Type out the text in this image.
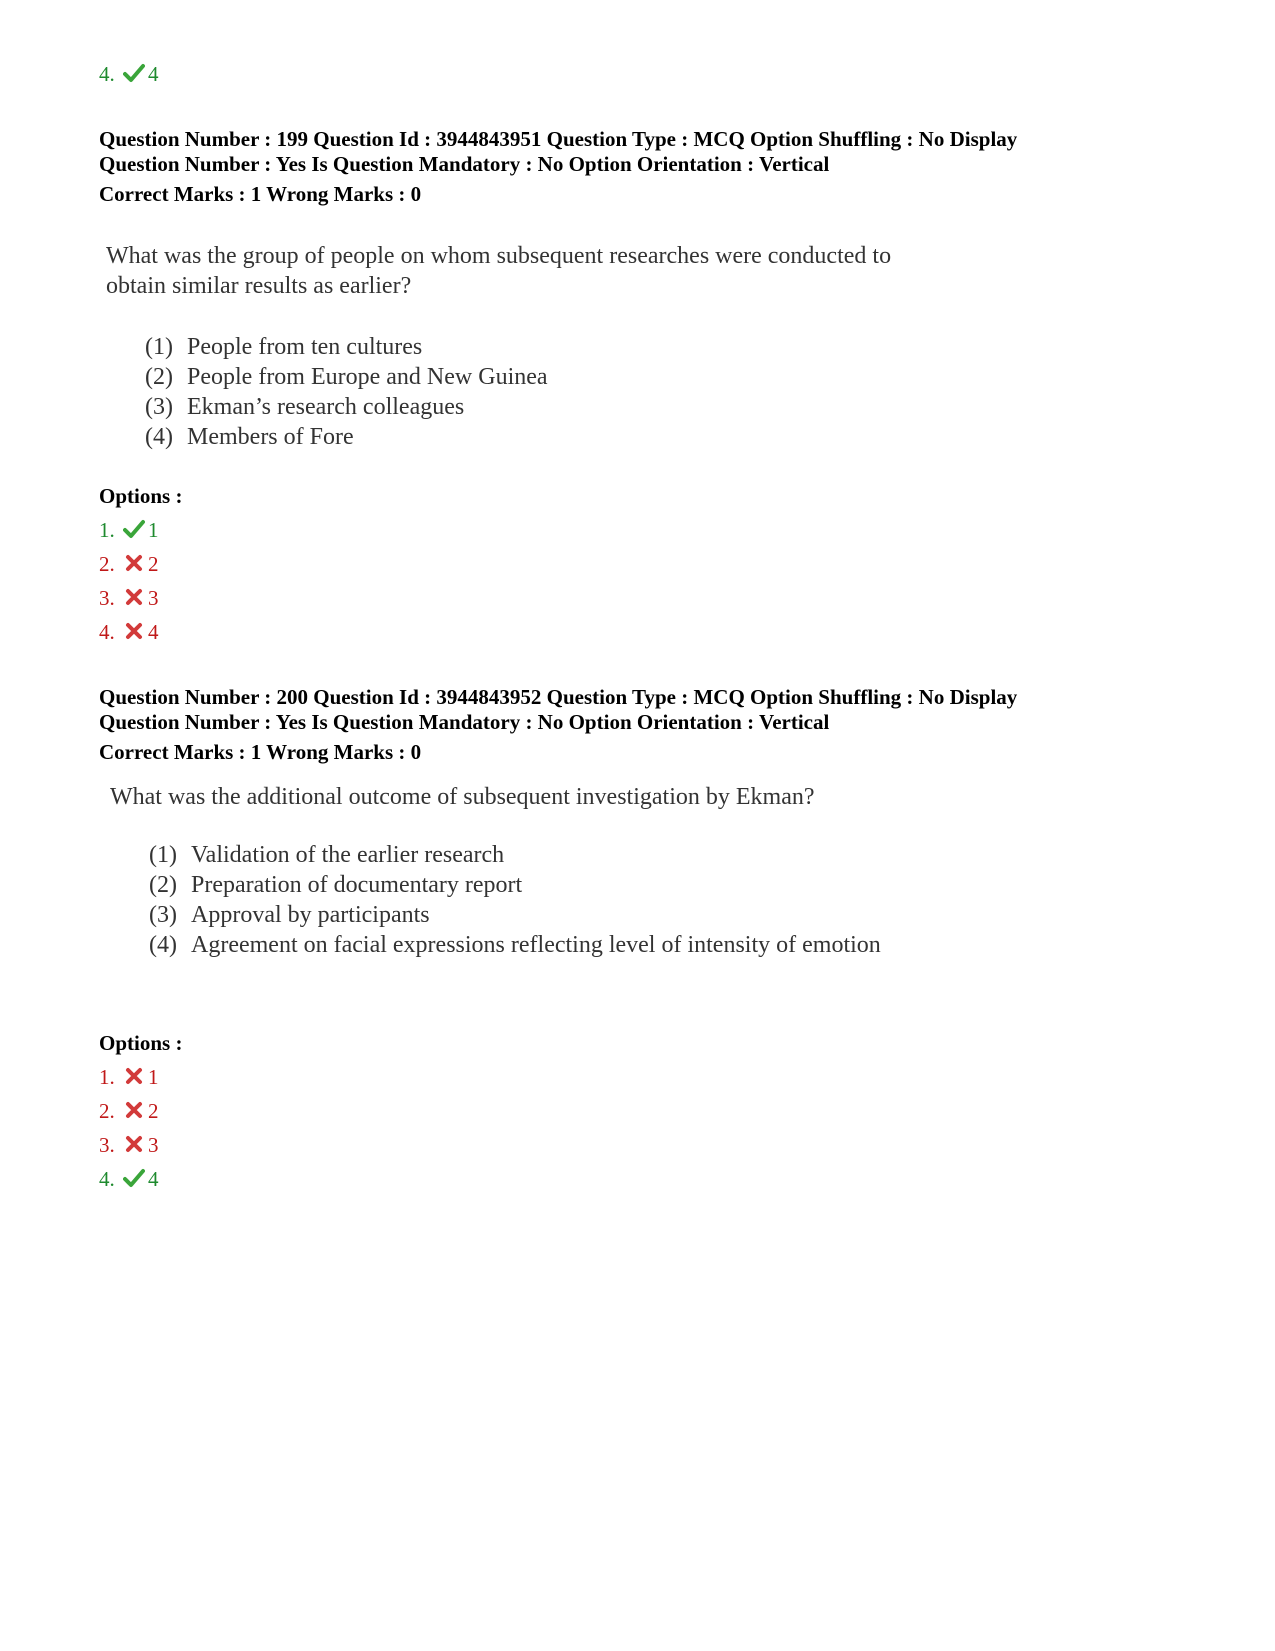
4. 4
Question Number : 199 Question Id : 3944843951 Question Type : MCQ Option Shuffling : No Display
Question Number : Yes Is Question Mandatory : No Option Orientation : Vertical
Correct Marks : 1 Wrong Marks : 0
What was the group of people on whom subsequent researches were conducted to
obtain similar results as earlier?
(1) People from ten cultures
(2) People from Europe and New Guinea
(3) Ekman’s research colleagues
(4) Members of Fore
Options :
1. 1
2. 2
3. 3
4. 4
Question Number : 200 Question Id : 3944843952 Question Type : MCQ Option Shuffling : No Display
Question Number : Yes Is Question Mandatory : No Option Orientation : Vertical
Correct Marks : 1 Wrong Marks : 0
What was the additional outcome of subsequent investigation by Ekman?
(1) Validation of the earlier research
(2) Preparation of documentary report
(3) Approval by participants
(4) Agreement on facial expressions reflecting level of intensity of emotion
Options :
1. 1
2. 2
3. 3
4. 4
